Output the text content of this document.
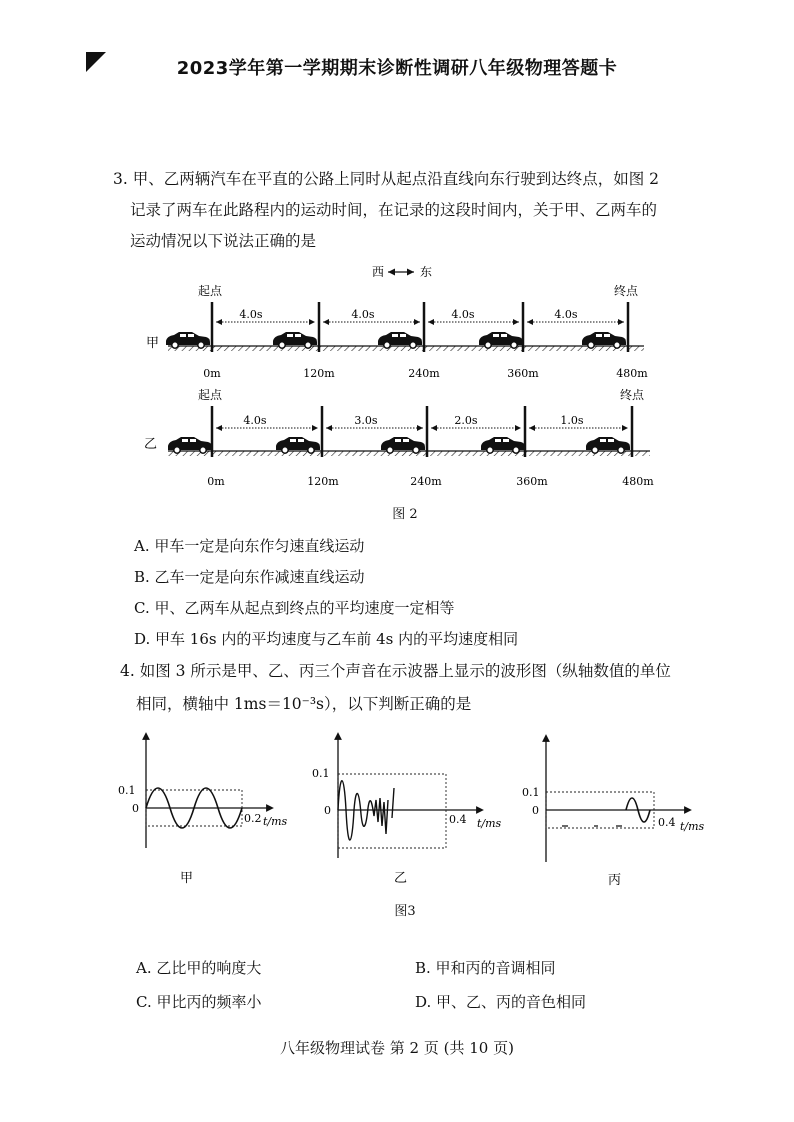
2023学年第一学期期末诊断性调研八年级物理答题卡
3. 甲、乙两辆汽车在平直的公路上同时从起点沿直线向东行驶到达终点，如图 2
记录了两车在此路程内的运动时间，在记录的这段时间内，关于甲、乙两车的
运动情况以下说法正确的是
西	东
起点	终点
甲
4.0s	4.0s	4.0s	4.0s
0m	120m	240m	360m	480m
起点	终点
乙
4.0s	3.0s	2.0s	1.0s
0m	120m	240m	360m	480m
图 2
A. 甲车一定是向东作匀速直线运动
B. 乙车一定是向东作减速直线运动
C. 甲、乙两车从起点到终点的平均速度一定相等
D. 甲车 16s 内的平均速度与乙车前 4s 内的平均速度相同
4. 如图 3 所示是甲、乙、丙三个声音在示波器上显示的波形图（纵轴数值的单位
相同，横轴中 1ms＝10⁻³s），以下判断正确的是
0.1
0
0.2 t/ms
甲
0.1
0
0.4 t/ms
乙
0.1
0
0.4 t/ms
丙
图3
A. 乙比甲的响度大	B. 甲和丙的音调相同
C. 甲比丙的频率小	D. 甲、乙、丙的音色相同
八年级物理试卷 第 2 页 (共 10 页)
